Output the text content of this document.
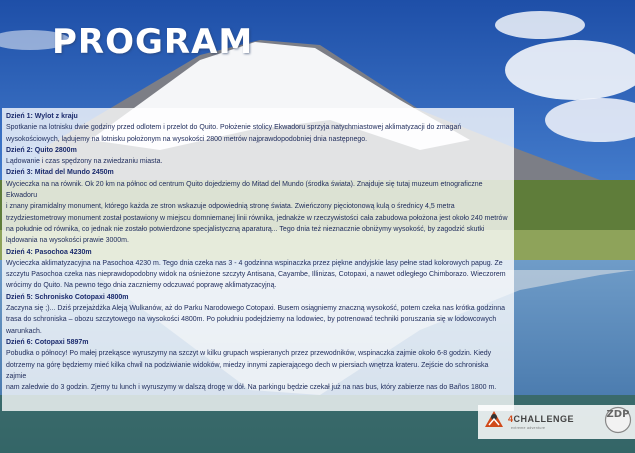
PROGRAM

Dzień 1: Wylot z kraju

Spotkanie na lotnisku dwie godziny przed odlotem i przelot do Quito. Położenie stolicy Ekwadoru sprzyja natychmiastowej aklimatyzacji do zmagań

wysokościowych, lądujemy na lotnisku położonym na wysokości 2800 metrów najprawdopodobniej dnia następnego.

Dzień 2: Quito 2800m

Lądowanie i czas spędzony na zwiedzaniu miasta.

Dzień 3: Mitad del Mundo 2450m

Wycieczka na na równik. Ok 20 km na północ od centrum Quito dojedziemy do Mitad del Mundo (środka świata). Znajduje się tutaj muzeum etnograficzne Ekwadoru

i znany piramidalny monument, którego każda ze stron wskazuje odpowiednią stronę świata. Zwieńczony pięciotonową kulą o średnicy 4,5 metra

trzydziestometrowy monument został postawiony w miejscu domniemanej linii równika, jednakże w rzeczywistości cała zabudowa położona jest około 240 metrów

na południe od równika, co jednak nie zostało potwierdzone specjalistyczną aparaturą... Tego dnia też nieznacznie obniżymy wysokość, by zagodzić skutki

lądowania na wysokości prawie 3000m.

Dzień 4: Pasochoa 4230m

Wycieczka aklimatyzacyjna na Pasochoa 4230 m. Tego dnia czeka nas 3 - 4 godzinna wspinaczka przez piękne andyjskie lasy pełne stad kolorowych papug. Ze

szczytu Pasochoa czeka nas nieprawdopodobny widok na ośnieżone szczyty Antisana, Cayambe, Illinizas, Cotopaxi, a nawet odległego Chimborazo. Wieczorem

wrócimy do Quito. Na pewno tego dnia zaczniemy odczuwać poprawę aklimatyzacyjną.

Dzień 5: Schronisko Cotopaxi 4800m

Zaczyna się ;)... Dziś przejażdżka Aleją Wulkanów, aż do Parku Narodowego Cotopaxi. Busem osiągniemy znaczną wysokość, potem czeka nas krótka godzinna

trasa do schroniska – obozu szczytowego na wysokości 4800m. Po południu podejdziemy na lodowiec, by potrenować techniki poruszania się w lodowcowych

warunkach.

Dzień 6: Cotopaxi 5897m

Pobudka o północy! Po małej przekąsce wyruszymy na szczyt w kilku grupach wspieranych przez przewodników, wspinaczka zajmie około 6-8 godzin. Kiedy

dotrzemy na górę będziemy mieć kilka chwil na podziwianie widoków, miedzy innymi zapierającego dech w piersiach wnętrza krateru. Zejście do schroniska zajmie

nam zaledwie do 3 godzin. Zjemy tu lunch i wyruszymy w dalszą drogę w dół. Na parkingu będzie czekał już na nas bus, który zabierze nas do Baños 1800 m.

4CHALLENGE
extreme adventure
ZDP
